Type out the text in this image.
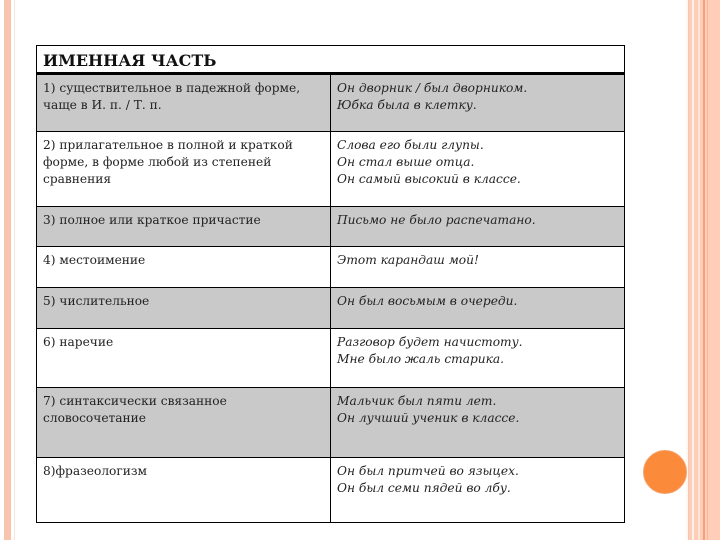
ИМЕННАЯ ЧАСТЬ	
1) существительное в падежной форме, чаще в И. п. / Т. п.	Он дворник / был дворником.
Юбка была в клетку.

2) прилагательное в полной и краткой форме, в форме любой из степеней сравнения	Слова его были глупы.
Он стал выше отца.
Он самый высокий в классе.

3) полное или краткое причастие	Письмо не было распечатано.

4) местоимение	Этот карандаш мой!

5) числительное	Он был восьмым в очереди.

6) наречие	Разговор будет начистоту.
Мне было жаль старика.

7) синтаксически связанное словосочетание	Мальчик был пяти лет.
Он лучший ученик в классе.

8)фразеологизм	Он был притчей во языцех.
Он был семи пядей во лбу.
